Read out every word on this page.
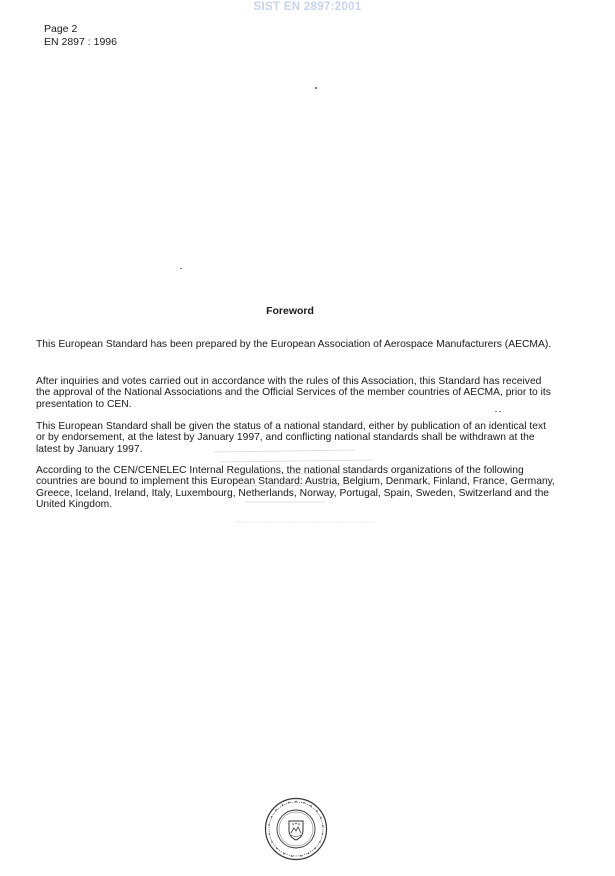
SIST EN 2897:2001
Page 2
EN 2897 : 1996
Foreword

This European Standard has been prepared by the European Association of Aerospace Manufacturers (AECMA).

After inquiries and votes carried out in accordance with the rules of this Association, this Standard has received the approval of the National Associations and the Official Services of the member countries of AECMA, prior to its presentation to CEN.

This European Standard shall be given the status of a national standard, either by publication of an identical text or by endorsement, at the latest by January 1997, and conflicting national standards shall be withdrawn at the latest by January 1997.

According to the CEN/CENELEC Internal Regulations, the national standards organizations of the following countries are bound to implement this European Standard: Austria, Belgium, Denmark, Finland, France, Germany, Greece, Iceland, Ireland, Italy, Luxembourg, Netherlands, Norway, Portugal, Spain, Sweden, Switzerland and the United Kingdom.
